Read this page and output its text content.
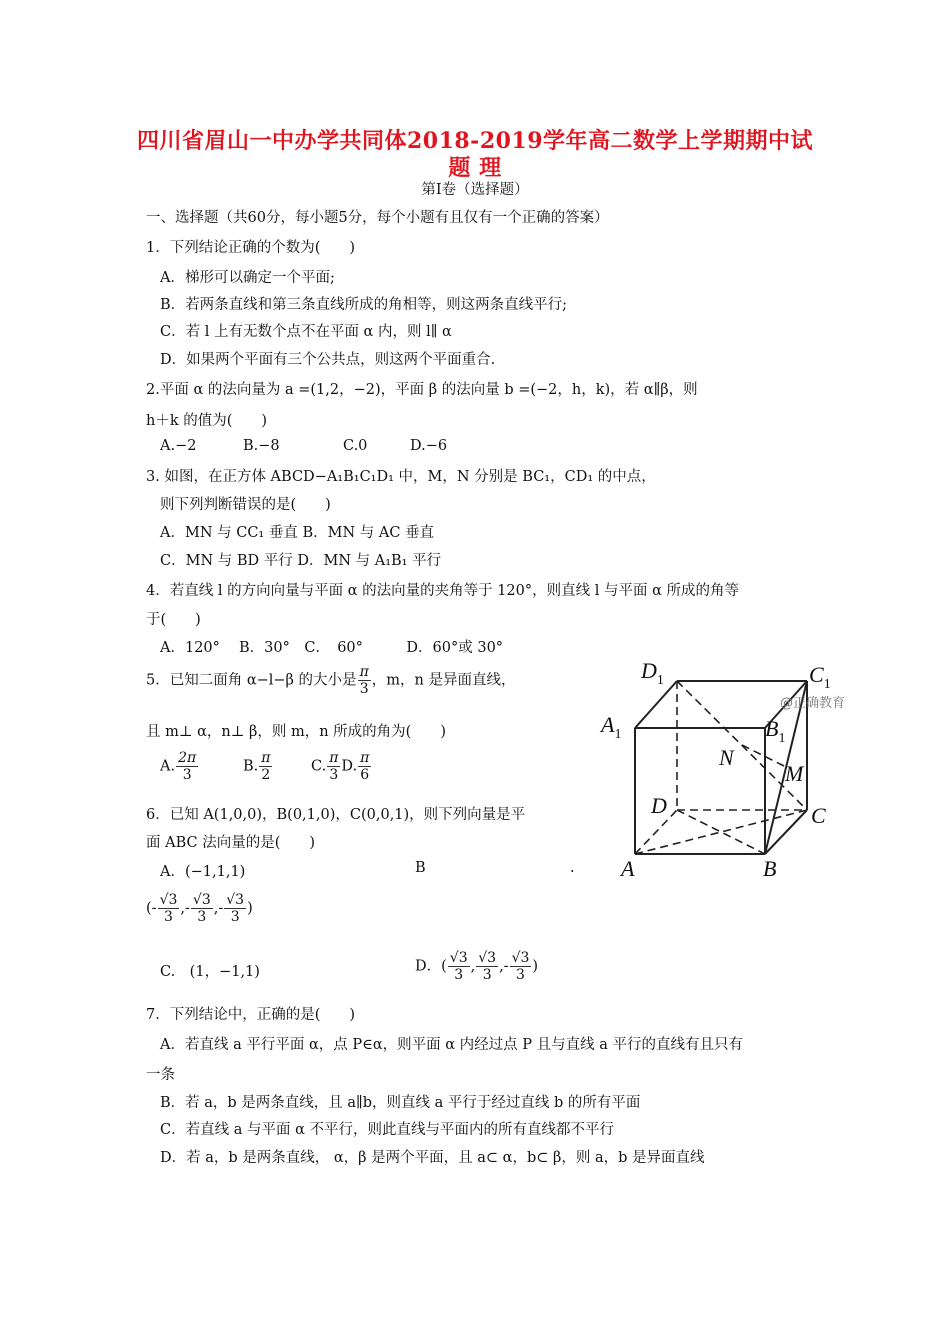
四川省眉山一中办学共同体2018-2019学年高二数学上学期期中试
题 理
第Ⅰ卷（选择题）
一、选择题（共60分，每小题5分，每个小题有且仅有一个正确的答案）
1．下列结论正确的个数为(　　)
A．梯形可以确定一个平面;
B．若两条直线和第三条直线所成的角相等，则这两条直线平行;
C．若 l 上有无数个点不在平面 α 内，则 l∥ α
D．如果两个平面有三个公共点，则这两个平面重合.
2.平面 α 的法向量为 a =(1,2，−2)，平面 β 的法向量 b =(−2，h，k)，若 α∥β，则
h＋k 的值为(　　)
A.−2	B.−8	C.0	D.−6
3. 如图，在正方体 ABCD−A₁B₁C₁D₁ 中，M，N 分别是 BC₁，CD₁ 的中点，
则下列判断错误的是(　　)
A．MN 与 CC₁ 垂直 B．MN 与 AC 垂直
C．MN 与 BD 平行 D．MN 与 A₁B₁ 平行
4．若直线 l 的方向向量与平面 α 的法向量的夹角等于 120°，则直线 l 与平面 α 所成的角等
于(　　)
A．120°　 B．30°　C．　60°　　　D．60°或 30°
5．已知二面角 α−l−β 的大小是 $\frac{\pi}{3}$ ，m，n 是异面直线，
且 m⊥ α，n⊥ β，则 m，n 所成的角为(　　)
A. $\frac{2\pi}{3}$	B. $\frac{\pi}{2}$	C. $\frac{\pi}{3} D$. $\frac{\pi}{6}$
6．已知 A(1,0,0)，B(0,1,0)，C(0,0,1)，则下列向量是平
面 ABC 法向量的是(　　)
A．(−1,1,1)	B	.
(- $\frac{√3}{3}$ ,- $\frac{√3}{3}$ ,- $\frac{√3}{3}$ )
C.　(1，−1,1)	D．( $\frac{√3}{3}$ , $\frac{√3}{3}$ ,- $\frac{√3}{3}$ )
7．下列结论中，正确的是(　　)
A．若直线 a 平行平面 α，点 P∈α，则平面 α 内经过点 P 且与直线 a 平行的直线有且只有
一条
B．若 a，b 是两条直线，且 a∥b，则直线 a 平行于经过直线 b 的所有平面
C．若直线 a 与平面 α 不平行，则此直线与平面内的所有直线都不平行
D．若 a，b 是两条直线， α，β 是两个平面，且 a⊂ α，b⊂ β，则 a，b 是异面直线
@正确教育
$D_1$	$C_1$
$A_1$	$B_1$
N
M
D	C
A	B
